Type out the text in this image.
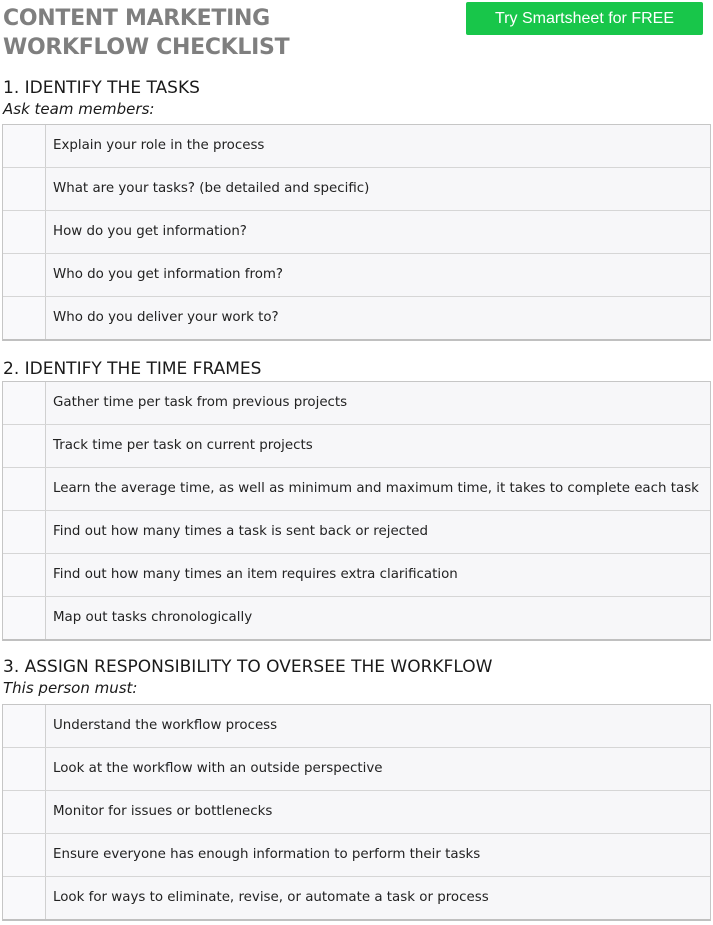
CONTENT MARKETING
WORKFLOW CHECKLIST
Try Smartsheet for FREE
1. IDENTIFY THE TASKS

Ask team members:

Explain your role in the process
What are your tasks? (be detailed and specific)
How do you get information?
Who do you get information from?
Who do you deliver your work to?
2. IDENTIFY THE TIME FRAMES
Gather time per task from previous projects
Track time per task on current projects
Learn the average time, as well as minimum and maximum time, it takes to complete each task
Find out how many times a task is sent back or rejected
Find out how many times an item requires extra clarification
Map out tasks chronologically
3. ASSIGN RESPONSIBILITY TO OVERSEE THE WORKFLOW

This person must:

Understand the workflow process
Look at the workflow with an outside perspective
Monitor for issues or bottlenecks
Ensure everyone has enough information to perform their tasks
Look for ways to eliminate, revise, or automate a task or process
